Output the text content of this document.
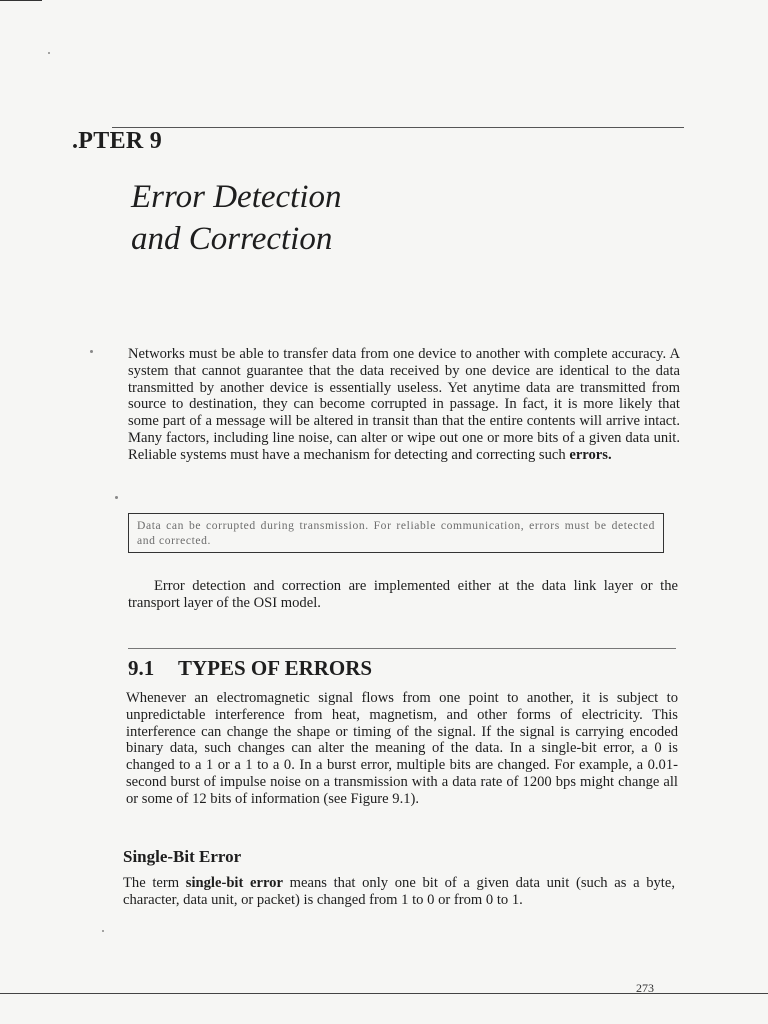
.PTER 9
Error Detection
and Correction
Networks must be able to transfer data from one device to another with complete accuracy. A system that cannot guarantee that the data received by one device are identical to the data transmitted by another device is essentially useless. Yet anytime data are transmitted from source to destination, they can become corrupted in passage. In fact, it is more likely that some part of a message will be altered in transit than that the entire contents will arrive intact. Many factors, including line noise, can alter or wipe out one or more bits of a given data unit. Reliable systems must have a mechanism for detecting and correcting such errors.
Data can be corrupted during transmission. For reliable communication, errors must be detected and corrected.
Error detection and correction are implemented either at the data link layer or the transport layer of the OSI model.
9.1 TYPES OF ERRORS
Whenever an electromagnetic signal flows from one point to another, it is subject to unpredictable interference from heat, magnetism, and other forms of electricity. This interference can change the shape or timing of the signal. If the signal is carrying encoded binary data, such changes can alter the meaning of the data. In a single-bit error, a 0 is changed to a 1 or a 1 to a 0. In a burst error, multiple bits are changed. For example, a 0.01-second burst of impulse noise on a transmission with a data rate of 1200 bps might change all or some of 12 bits of information (see Figure 9.1).
Single-Bit Error
The term single-bit error means that only one bit of a given data unit (such as a byte, character, data unit, or packet) is changed from 1 to 0 or from 0 to 1.
273
